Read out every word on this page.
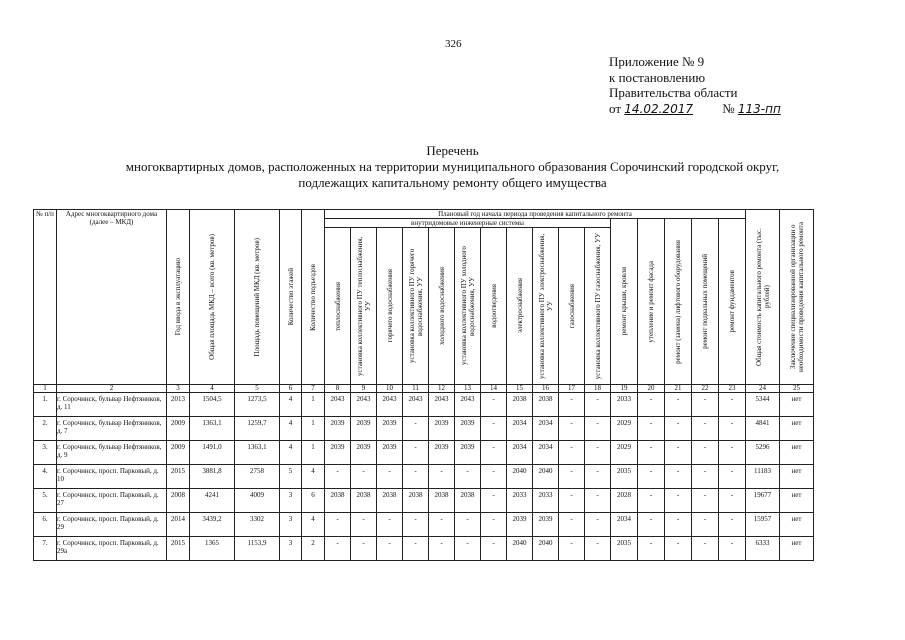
326
Приложение № 9
к постановлению
Правительства области
от 14.02.2017 № 113-пп
Перечень
многоквартирных домов, расположенных на территории муниципального образования Сорочинский городской округ,
подлежащих капитальному ремонту общего имущества
№ п/п	Адрес многоквартирного дома (далее – МКД)	Год ввода в эксплуатацию	Общая площадь МКД – всего (кв. метров)	Площадь помещений МКД (кв. метров)	Количество этажей	Количество подъездов	Плановый год начала периода проведения капитального ремонта																Общая стоимость капитального ремонта (тыс. рублей)	Заключение специализированной организации о необходимости проведения капитального ремонта

							внутридомовые инженерные системы											ремонт крыши, кровли	утепление и ремонт фасада	ремонт (замена) лифтового оборудования	ремонт подвальных помещений	ремонт фундаментов		

							теплоснабжения	установка коллективного ПУ теплоснабжения, УУ	горячего водоснабжения	установка коллективного ПУ горячего водоснабжения, УУ	холодного водоснабжения	установка коллективного ПУ холодного водоснабжения, УУ	водоотведения	электроснабжения	установка коллективного ПУ электроснабжения, УУ	газоснабжения	установка коллективного ПУ газоснабжения, УУ							

1	2	3	4	5	6	7	8	9	10	11	12	13	14	15	16	17	18	19	20	21	22	23	24	25
1.	г. Сорочинск, бульвар Нефтяников, д. 11	2013	1504,5	1273,5	4	1	2043	2043	2043	2043	2043	2043	-	2038	2038	-	-	2033	-	-	-	-	5344	нет
2.	г. Сорочинск, бульвар Нефтяников, д. 7	2009	1363,1	1259,7	4	1	2039	2039	2039	-	2039	2039	-	2034	2034	-	-	2029	-	-	-	-	4841	нет
3.	г. Сорочинск, бульвар Нефтяников, д. 9	2009	1491,0	1363,1	4	1	2039	2039	2039	-	2039	2039	-	2034	2034	-	-	2029	-	-	-	-	5296	нет
4.	г. Сорочинск, просп. Парковый, д. 10	2015	3881,8	2758	5	4	-	-	-	-	-	-	-	2040	2040	-	-	2035	-	-	-	-	11183	нет
5.	г. Сорочинск, просп. Парковый, д. 27	2008	4241	4009	3	6	2038	2038	2038	2038	2038	2038	-	2033	2033	-	-	2028	-	-	-	-	19677	нет
6.	г. Сорочинск, просп. Парковый, д. 29	2014	3439,2	3302	3	4	-	-	-	-	-	-	-	2039	2039	-	-	2034	-	-	-	-	15957	нет
7.	г. Сорочинск, просп. Парковый, д. 29а	2015	1365	1153,9	3	2	-	-	-	-	-	-	-	2040	2040	-	-	2035	-	-	-	-	6333	нет
